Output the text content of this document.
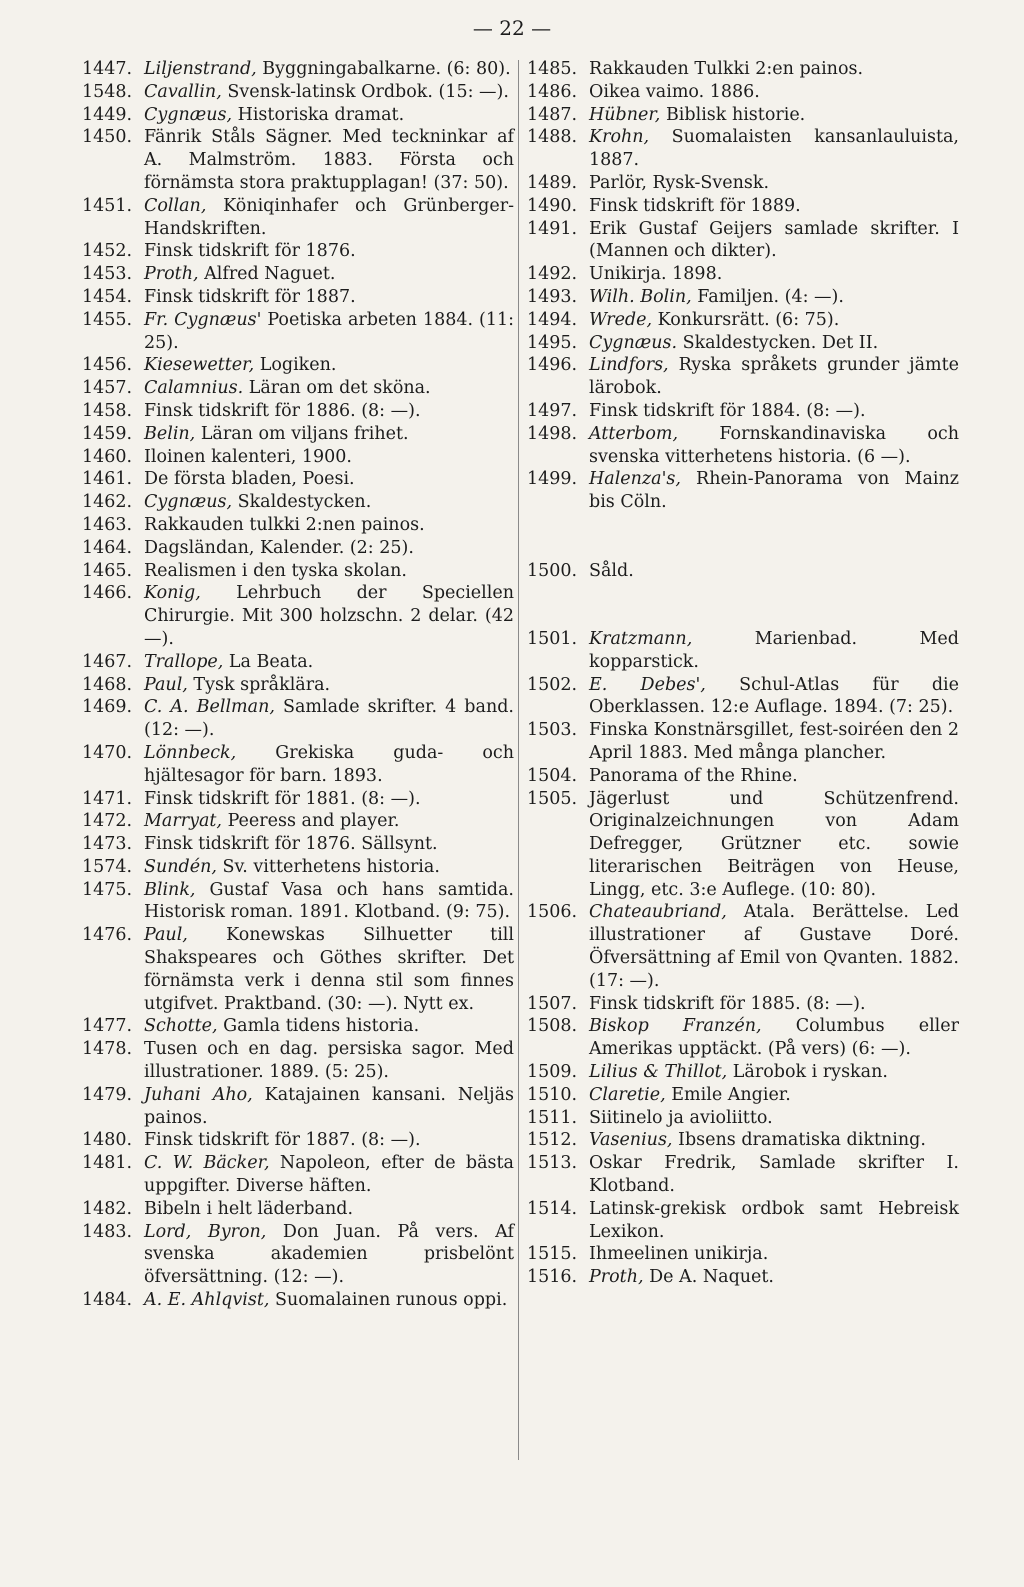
— 22 —
1447. Liljenstrand, Byggningabalkarne. (6: 80).
1548. Cavallin, Svensk-latinsk Ordbok. (15: —).
1449. Cygnæus, Historiska dramat.
1450. Fänrik Ståls Sägner. Med teckninkar af A. Malmström. 1883. Första och förnämsta stora praktupplagan! (37: 50).
1451. Collan, Köniqinhafer och Grünberger-Handskriften.
1452. Finsk tidskrift för 1876.
1453. Proth, Alfred Naguet.
1454. Finsk tidskrift för 1887.
1455. Fr. Cygnæus' Poetiska arbeten 1884. (11: 25).
1456. Kiesewetter, Logiken.
1457. Calamnius. Läran om det sköna.
1458. Finsk tidskrift för 1886. (8: —).
1459. Belin, Läran om viljans frihet.
1460. Iloinen kalenteri, 1900.
1461. De första bladen, Poesi.
1462. Cygnæus, Skaldestycken.
1463. Rakkauden tulkki 2:nen painos.
1464. Dagsländan, Kalender. (2: 25).
1465. Realismen i den tyska skolan.
1466. Konig, Lehrbuch der Speciellen Chirurgie. Mit 300 holzschn. 2 delar. (42 —).
1467. Trallope, La Beata.
1468. Paul, Tysk språklära.
1469. C. A. Bellman, Samlade skrifter. 4 band. (12: —).
1470. Lönnbeck, Grekiska guda- och hjältesagor för barn. 1893.
1471. Finsk tidskrift för 1881. (8: —).
1472. Marryat, Peeress and player.
1473. Finsk tidskrift för 1876. Sällsynt.
1574. Sundén, Sv. vitterhetens historia.
1475. Blink, Gustaf Vasa och hans samtida. Historisk roman. 1891. Klotband. (9: 75).
1476. Paul, Konewskas Silhuetter till Shakspeares och Göthes skrifter. Det förnämsta verk i denna stil som finnes utgifvet. Praktband. (30: —). Nytt ex.
1477. Schotte, Gamla tidens historia.
1478. Tusen och en dag. persiska sagor. Med illustrationer. 1889. (5: 25).
1479. Juhani Aho, Katajainen kansani. Neljäs painos.
1480. Finsk tidskrift för 1887. (8: —).
1481. C. W. Bäcker, Napoleon, efter de bästa uppgifter. Diverse häften.
1482. Bibeln i helt läderband.
1483. Lord, Byron, Don Juan. På vers. Af svenska akademien prisbelönt öfversättning. (12: —).
1484. A. E. Ahlqvist, Suomalainen runous oppi.
1485. Rakkauden Tulkki 2:en painos.
1486. Oikea vaimo. 1886.
1487. Hübner, Biblisk historie.
1488. Krohn, Suomalaisten kansanlauluista, 1887.
1489. Parlör, Rysk-Svensk.
1490. Finsk tidskrift för 1889.
1491. Erik Gustaf Geijers samlade skrifter. I (Mannen och dikter).
1492. Unikirja. 1898.
1493. Wilh. Bolin, Familjen. (4: —).
1494. Wrede, Konkursrätt. (6: 75).
1495. Cygnæus. Skaldestycken. Det II.
1496. Lindfors, Ryska språkets grunder jämte lärobok.
1497. Finsk tidskrift för 1884. (8: —).
1498. Atterbom, Fornskandinaviska och svenska vitterhetens historia. (6 —).
1499. Halenza's, Rhein-Panorama von Mainz bis Cöln.
1500. Såld.
1501. Kratzmann, Marienbad. Med kopparstick.
1502. E. Debes', Schul-Atlas für die Oberklassen. 12:e Auflage. 1894. (7: 25).
1503. Finska Konstnärsgillet, fest-soiréen den 2 April 1883. Med många plancher.
1504. Panorama of the Rhine.
1505. Jägerlust und Schützenfrend. Originalzeichnungen von Adam Defregger, Grützner etc. sowie literarischen Beiträgen von Heuse, Lingg, etc. 3:e Auflege. (10: 80).
1506. Chateaubriand, Atala. Berättelse. Led illustrationer af Gustave Doré. Öfversättning af Emil von Qvanten. 1882. (17: —).
1507. Finsk tidskrift för 1885. (8: —).
1508. Biskop Franzén, Columbus eller Amerikas upptäckt. (På vers) (6: —).
1509. Lilius & Thillot, Lärobok i ryskan.
1510. Claretie, Emile Angier.
1511. Siitinelo ja avioliitto.
1512. Vasenius, Ibsens dramatiska diktning.
1513. Oskar Fredrik, Samlade skrifter I. Klotband.
1514. Latinsk-grekisk ordbok samt Hebreisk Lexikon.
1515. Ihmeelinen unikirja.
1516. Proth, De A. Naquet.
